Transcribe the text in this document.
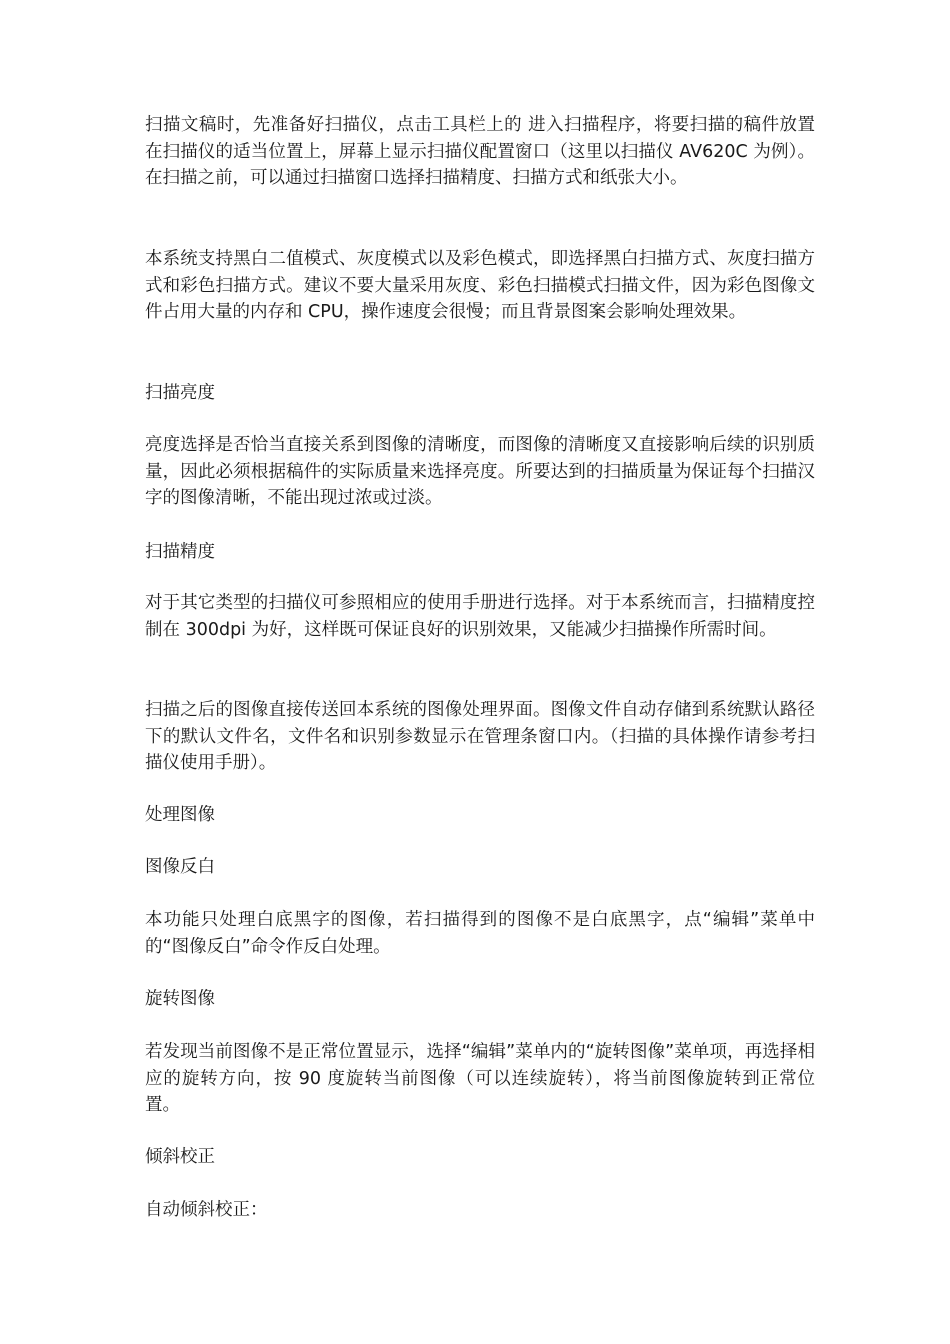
扫描文稿时，先准备好扫描仪，点击工具栏上的 进入扫描程序，将要扫描的稿件放置在扫描仪的适当位置上，屏幕上显示扫描仪配置窗口（这里以扫描仪 AV620C 为例）。在扫描之前，可以通过扫描窗口选择扫描精度、扫描方式和纸张大小。

本系统支持黑白二值模式、灰度模式以及彩色模式，即选择黑白扫描方式、灰度扫描方式和彩色扫描方式。建议不要大量采用灰度、彩色扫描模式扫描文件，因为彩色图像文件占用大量的内存和 CPU，操作速度会很慢；而且背景图案会影响处理效果。

扫描亮度

亮度选择是否恰当直接关系到图像的清晰度，而图像的清晰度又直接影响后续的识别质量，因此必须根据稿件的实际质量来选择亮度。所要达到的扫描质量为保证每个扫描汉字的图像清晰，不能出现过浓或过淡。

扫描精度

对于其它类型的扫描仪可参照相应的使用手册进行选择。对于本系统而言，扫描精度控制在 300dpi 为好，这样既可保证良好的识别效果，又能减少扫描操作所需时间。

扫描之后的图像直接传送回本系统的图像处理界面。图像文件自动存储到系统默认路径下的默认文件名，文件名和识别参数显示在管理条窗口内。（扫描的具体操作请参考扫描仪使用手册）。

处理图像

图像反白

本功能只处理白底黑字的图像，若扫描得到的图像不是白底黑字，点“编辑”菜单中的“图像反白”命令作反白处理。

旋转图像

若发现当前图像不是正常位置显示，选择“编辑”菜单内的“旋转图像”菜单项，再选择相应的旋转方向，按 90 度旋转当前图像（可以连续旋转），将当前图像旋转到正常位置。

倾斜校正

自动倾斜校正：
